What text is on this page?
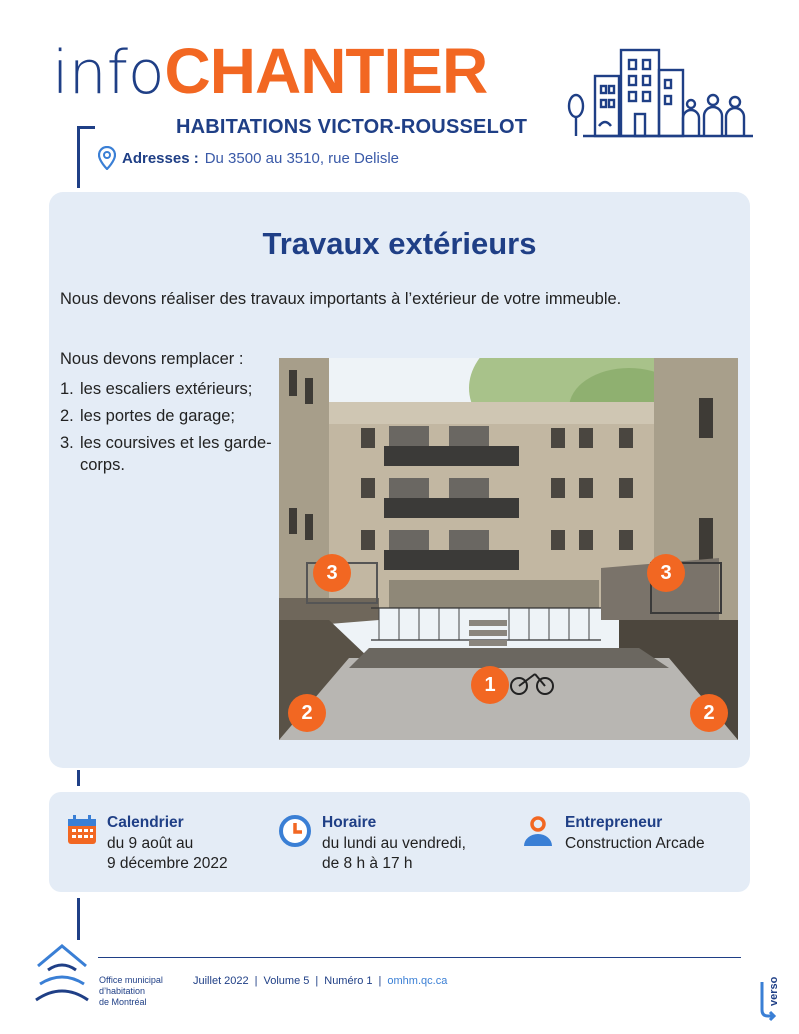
infoCHANTIER
HABITATIONS VICTOR-ROUSSELOT
Adresses : Du 3500 au 3510, rue Delisle
Travaux extérieurs
Nous devons réaliser des travaux importants à l’extérieur de votre immeuble.
Nous devons remplacer :
1. les escaliers extérieurs;
2. les portes de garage;
3. les coursives et les garde-corps.
3	3
1
2	2
Calendrier
du 9 août au
9 décembre 2022
Horaire
du lundi au vendredi,
de 8 h à 17 h
Entrepreneur
Construction Arcade
Office municipal
d’habitation
de Montréal
Juillet 2022 | Volume 5 | Numéro 1 | omhm.qc.ca	verso
